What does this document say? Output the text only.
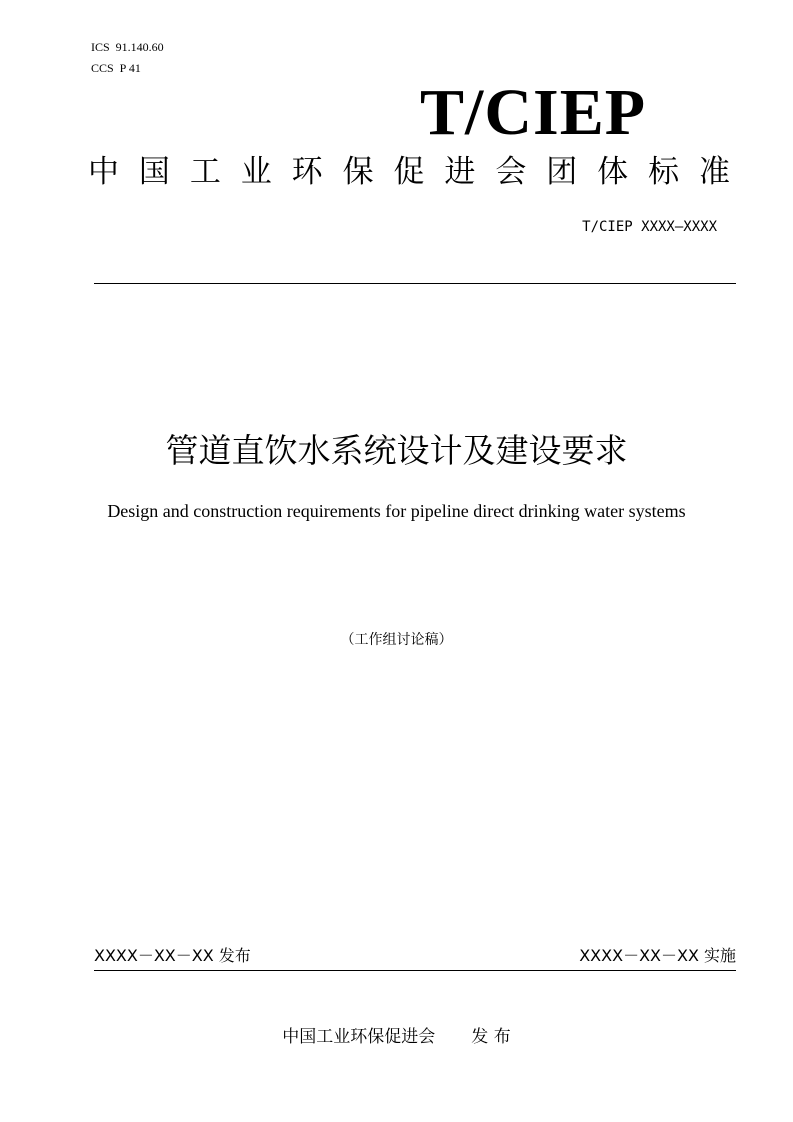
ICS  91.140.60
CCS  P 41
T/CIEP
中国工业环保促进会团体标准
T/CIEP XXXX—XXXX
管道直饮水系统设计及建设要求
Design and construction requirements for pipeline direct drinking water systems
（工作组讨论稿）
XXXX－XX－XX 发布	XXXX－XX－XX 实施
中国工业环保促进会 发 布
